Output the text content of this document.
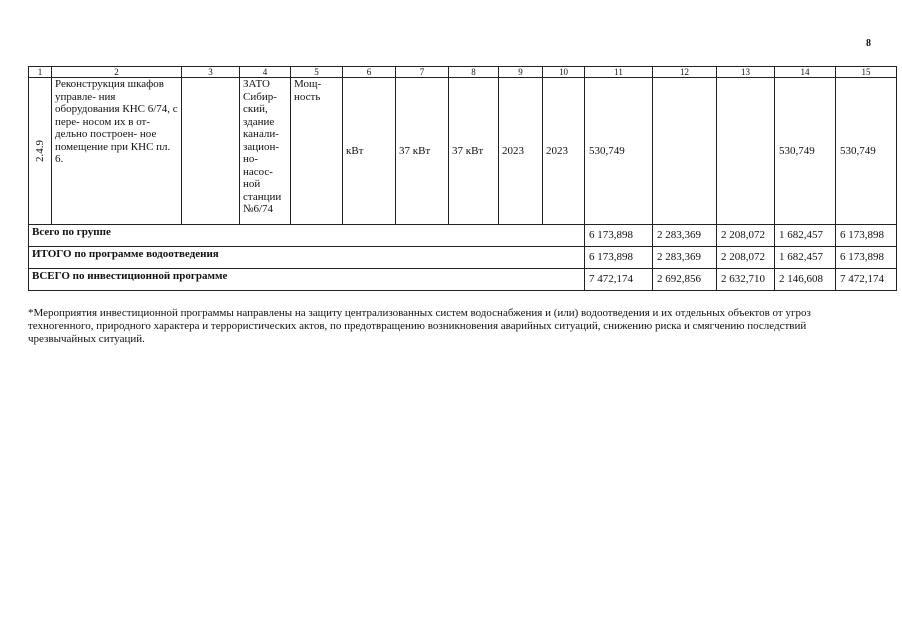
8
1	2	3	4	5	6	7	8	9	10	11	12	13	14	15

2.4.9	Реконструкция шкафов управле- ния оборудования КНС 6/74, с пере- носом их в от- дельно построен- ное помещение при КНС пл. 6.		ЗАТО Сибир- ский, здание канали- зацион- но- насос- ной станции №6/74	Мощ- ность	кВт	37 кВт	37 кВт	2023	2023	530,749			530,749	530,749
Всего по группе										6 173,898	2 283,369	2 208,072	1 682,457	6 173,898
ИТОГО по программе водоотведения										6 173,898	2 283,369	2 208,072	1 682,457	6 173,898
ВСЕГО по инвестиционной программе										7 472,174	2 692,856	2 632,710	2 146,608	7 472,174
*Мероприятия инвестиционной программы направлены на защиту централизованных систем водоснабжения и (или) водоотведения и их отдельных объектов от угроз техногенного, природного характера и террористических актов, по предотвращению возникновения аварийных ситуаций, снижению риска и смягчению последствий чрезвычайных ситуаций.
